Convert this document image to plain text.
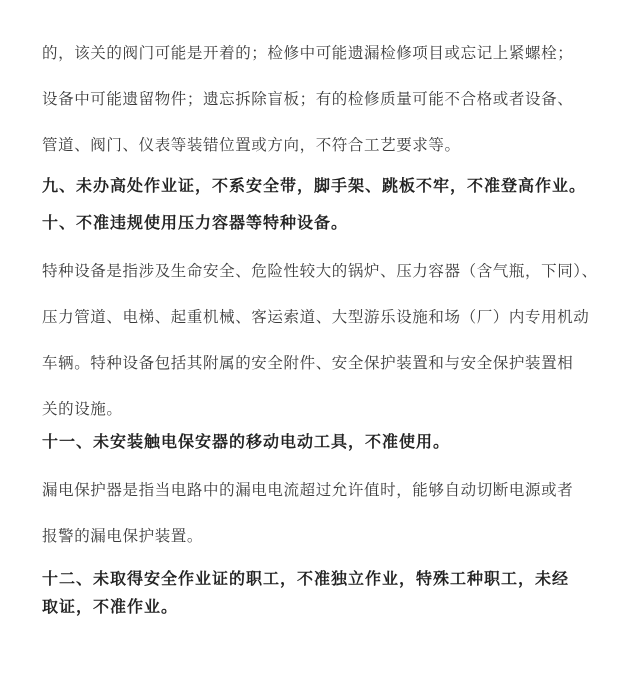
的，该关的阀门可能是开着的；检修中可能遗漏检修项目或忘记上紧螺栓；

设备中可能遗留物件；遗忘拆除盲板；有的检修质量可能不合格或者设备、

管道、阀门、仪表等装错位置或方向，不符合工艺要求等。

九、未办高处作业证，不系安全带，脚手架、跳板不牢，不准登高作业。

十、不准违规使用压力容器等特种设备。

特种设备是指涉及生命安全、危险性较大的锅炉、压力容器（含气瓶，下同）、

压力管道、电梯、起重机械、客运索道、大型游乐设施和场（厂）内专用机动

车辆。特种设备包括其附属的安全附件、安全保护装置和与安全保护装置相

关的设施。

十一、未安装触电保安器的移动电动工具，不准使用。

漏电保护器是指当电路中的漏电电流超过允许值时，能够自动切断电源或者

报警的漏电保护装置。

十二、未取得安全作业证的职工，不准独立作业，特殊工种职工，未经

取证，不准作业。
